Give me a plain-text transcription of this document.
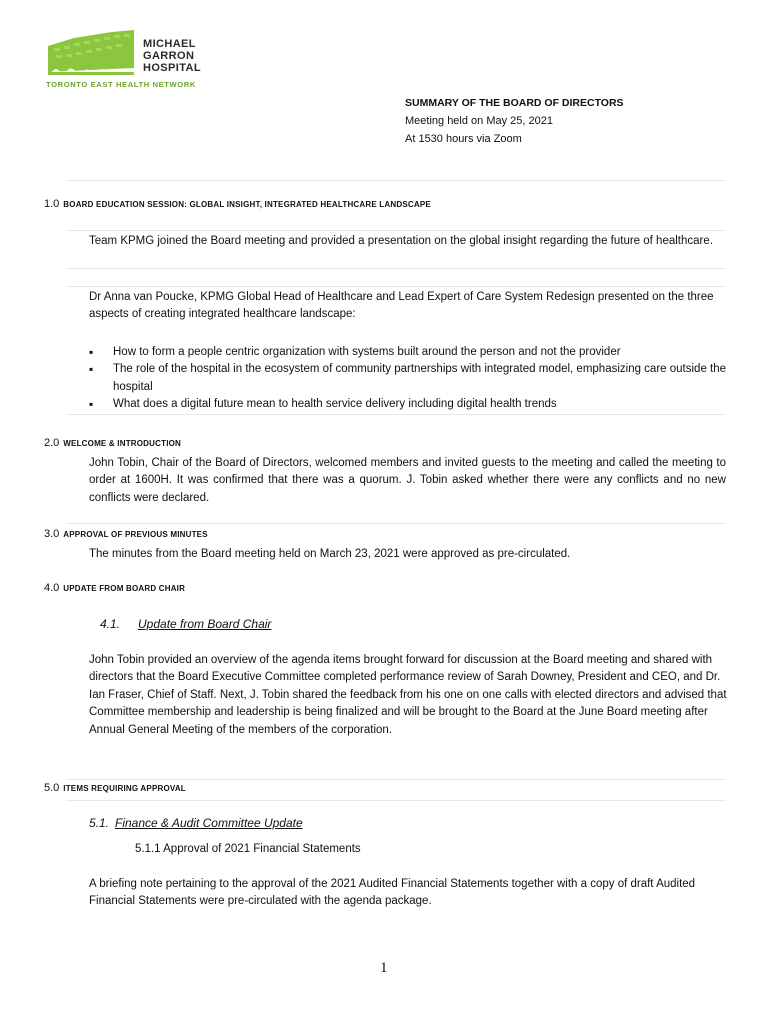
MICHAEL
GARRON
HOSPITAL
TORONTO EAST HEALTH NETWORK
SUMMARY OF THE BOARD OF DIRECTORS
Meeting held on May 25, 2021
At 1530 hours via Zoom
1.0 BOARD EDUCATION SESSION: GLOBAL INSIGHT, INTEGRATED HEALTHCARE LANDSCAPE
Team KPMG joined the Board meeting and provided a presentation on the global insight regarding the future of healthcare.
Dr Anna van Poucke, KPMG Global Head of Healthcare and Lead Expert of Care System Redesign presented on the three aspects of creating integrated healthcare landscape:
▪ How to form a people centric organization with systems built around the person and not the provider
▪ The role of the hospital in the ecosystem of community partnerships with integrated model, emphasizing care outside the hospital
▪ What does a digital future mean to health service delivery including digital health trends
2.0 WELCOME & INTRODUCTION
John Tobin, Chair of the Board of Directors, welcomed members and invited guests to the meeting and called the meeting to order at 1600H. It was confirmed that there was a quorum. J. Tobin asked whether there were any conflicts and no new conflicts were declared.
3.0 APPROVAL OF PREVIOUS MINUTES
The minutes from the Board meeting held on March 23, 2021 were approved as pre-circulated.
4.0 UPDATE FROM BOARD CHAIR
4.1. Update from Board Chair
John Tobin provided an overview of the agenda items brought forward for discussion at the Board meeting and shared with directors that the Board Executive Committee completed performance review of Sarah Downey, President and CEO, and Dr. Ian Fraser, Chief of Staff. Next, J. Tobin shared the feedback from his one on one calls with elected directors and advised that Committee membership and leadership is being finalized and will be brought to the Board at the June Board meeting after Annual General Meeting of the members of the corporation.
5.0 ITEMS REQUIRING APPROVAL
5.1. Finance & Audit Committee Update
5.1.1 Approval of 2021 Financial Statements
A briefing note pertaining to the approval of the 2021 Audited Financial Statements together with a copy of draft Audited Financial Statements were pre-circulated with the agenda package.
1
